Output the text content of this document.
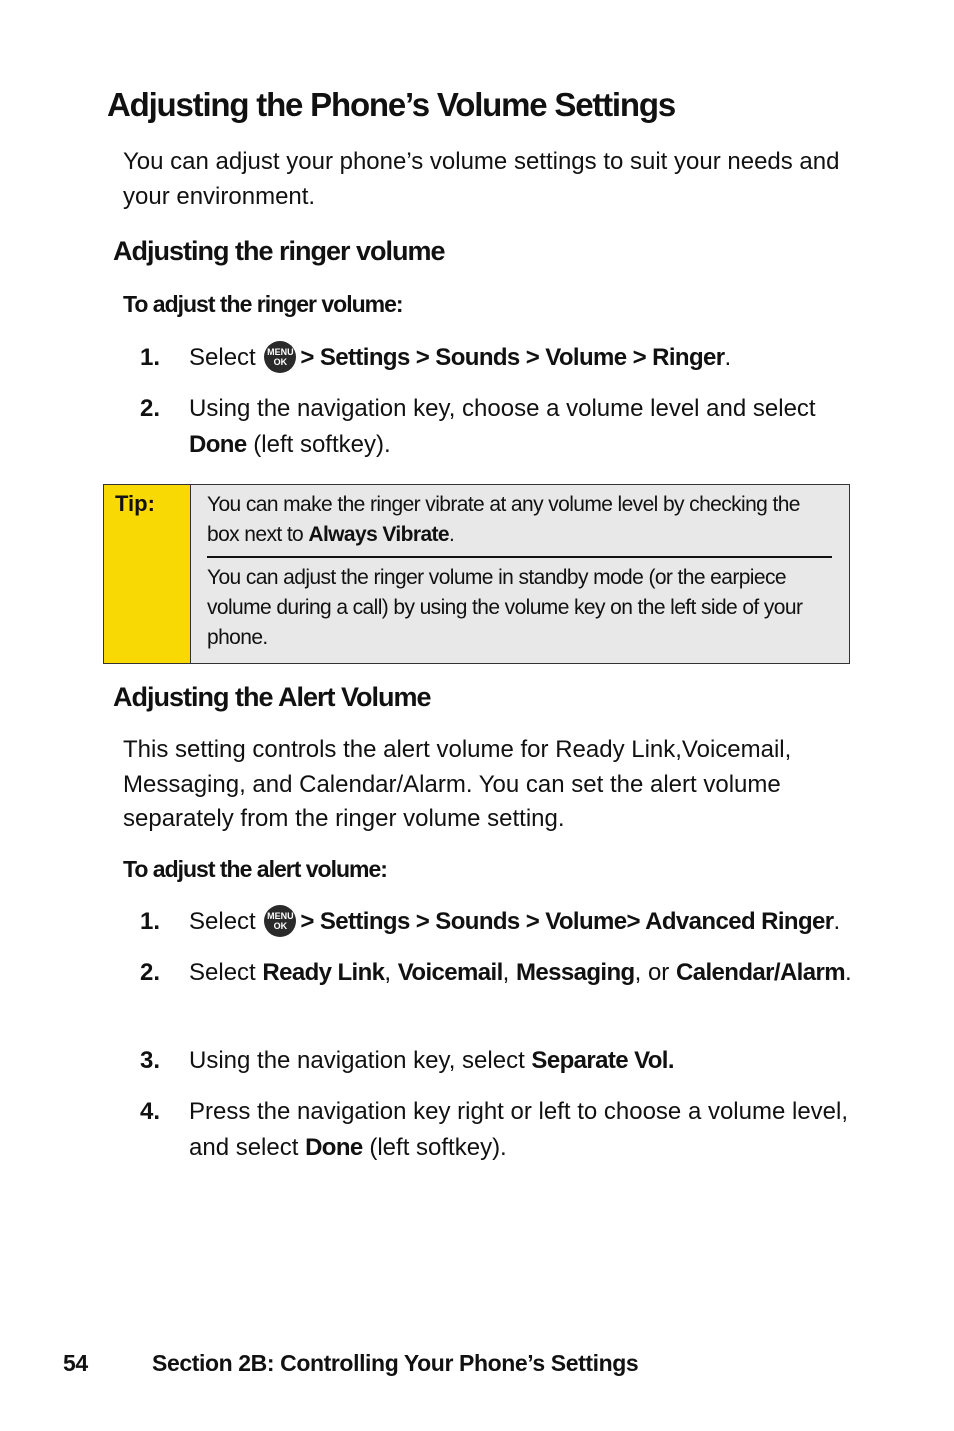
Adjusting the Phone’s Volume Settings
You can adjust your phone’s volume settings to suit your needs and your environment.
Adjusting the ringer volume
To adjust the ringer volume:
1.	Select	MENU
OK > Settings > Sounds > Volume > Ringer.
2.	Using the navigation key, choose a volume level and select Done (left softkey).
Tip: You can make the ringer vibrate at any volume level by checking the box next to Always Vibrate.
You can adjust the ringer volume in standby mode (or the earpiece volume during a call) by using the volume key on the left side of your phone.
Adjusting the Alert Volume
This setting controls the alert volume for Ready Link,Voicemail, Messaging, and Calendar/Alarm. You can set the alert volume separately from the ringer volume setting.
To adjust the alert volume:
1.	Select	MENU
OK > Settings > Sounds > Volume> Advanced Ringer.
2.	Select Ready Link, Voicemail, Messaging, or Calendar/Alarm.
3.	Using the navigation key, select Separate Vol.
4.	Press the navigation key right or left to choose a volume level, and select Done (left softkey).
54	Section 2B: Controlling Your Phone’s Settings
